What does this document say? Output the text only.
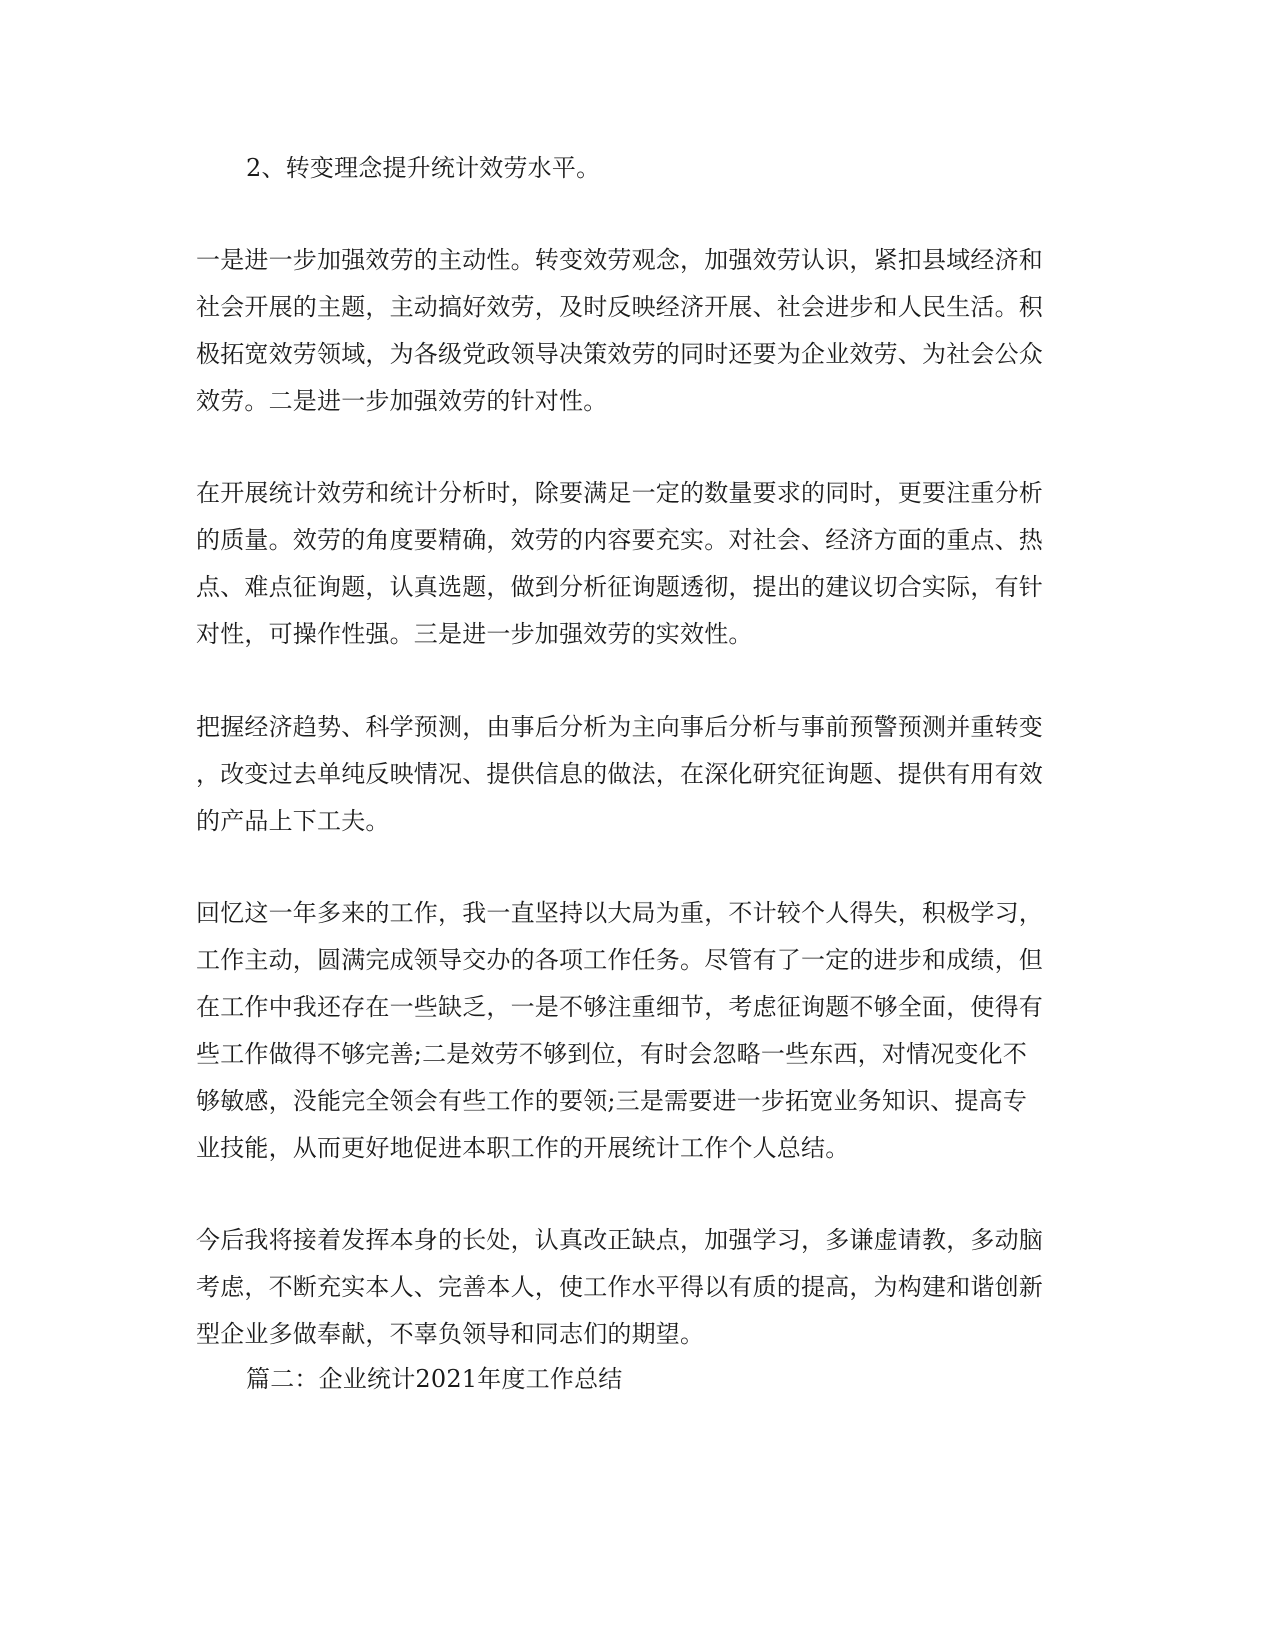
2、转变理念提升统计效劳水平。
一是进一步加强效劳的主动性。转变效劳观念，加强效劳认识，紧扣县域经济和
社会开展的主题，主动搞好效劳，及时反映经济开展、社会进步和人民生活。积
极拓宽效劳领域，为各级党政领导决策效劳的同时还要为企业效劳、为社会公众
效劳。二是进一步加强效劳的针对性。
在开展统计效劳和统计分析时，除要满足一定的数量要求的同时，更要注重分析
的质量。效劳的角度要精确，效劳的内容要充实。对社会、经济方面的重点、热
点、难点征询题，认真选题，做到分析征询题透彻，提出的建议切合实际，有针
对性，可操作性强。三是进一步加强效劳的实效性。
把握经济趋势、科学预测，由事后分析为主向事后分析与事前预警预测并重转变
，改变过去单纯反映情况、提供信息的做法，在深化研究征询题、提供有用有效
的产品上下工夫。
回忆这一年多来的工作，我一直坚持以大局为重，不计较个人得失，积极学习，
工作主动，圆满完成领导交办的各项工作任务。尽管有了一定的进步和成绩，但
在工作中我还存在一些缺乏，一是不够注重细节，考虑征询题不够全面，使得有
些工作做得不够完善;二是效劳不够到位，有时会忽略一些东西，对情况变化不
够敏感，没能完全领会有些工作的要领;三是需要进一步拓宽业务知识、提高专
业技能，从而更好地促进本职工作的开展统计工作个人总结。
今后我将接着发挥本身的长处，认真改正缺点，加强学习，多谦虚请教，多动脑
考虑，不断充实本人、完善本人，使工作水平得以有质的提高，为构建和谐创新
型企业多做奉献，不辜负领导和同志们的期望。
篇二：企业统计2021年度工作总结
